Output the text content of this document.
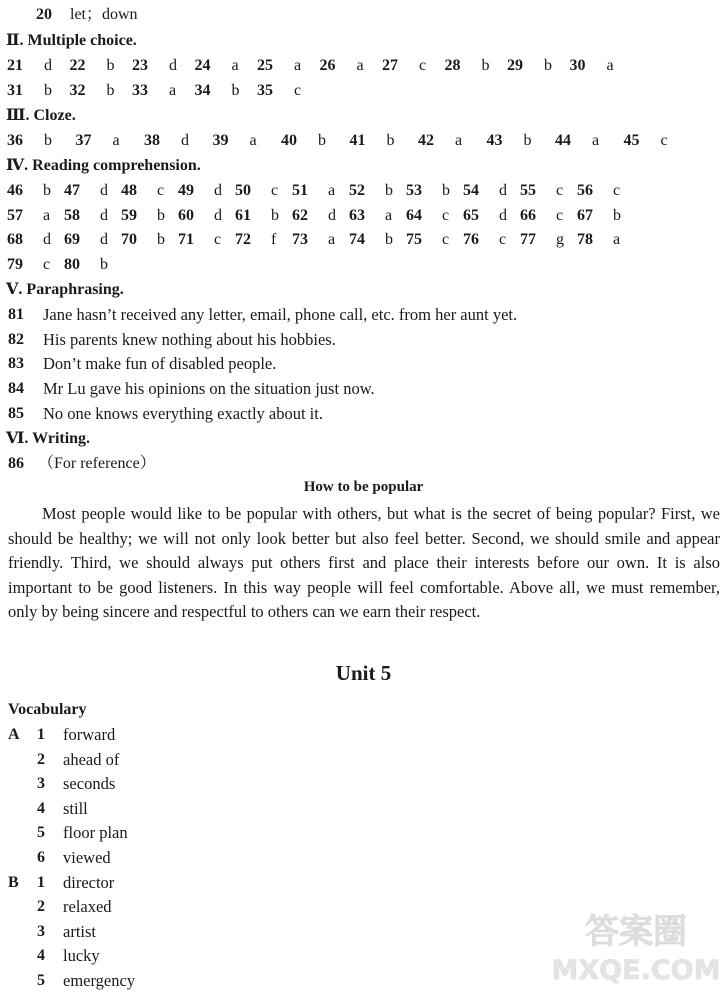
20 let；down
Ⅱ. Multiple choice.
21 d 22 b 23 d 24 a 25 a 26 a 27 c 28 b 29 b 30 a
31 b 32 b 33 a 34 b 35 c
Ⅲ. Cloze.
36 b 37 a 38 d 39 a 40 b 41 b 42 a 43 b 44 a 45 c
Ⅳ. Reading comprehension.
46 b 47 d 48 c 49 d 50 c 51 a 52 b 53 b 54 d 55 c 56 c
57 a 58 d 59 b 60 d 61 b 62 d 63 a 64 c 65 d 66 c 67 b
68 d 69 d 70 b 71 c 72 f 73 a 74 b 75 c 76 c 77 g 78 a
79 c 80 b
Ⅴ. Paraphrasing.
81 Jane hasn’t received any letter, email, phone call, etc. from her aunt yet.
82 His parents knew nothing about his hobbies.
83 Don’t make fun of disabled people.
84 Mr Lu gave his opinions on the situation just now.
85 No one knows everything exactly about it.
Ⅵ. Writing.
86 （For reference）
How to be popular
Most people would like to be popular with others, but what is the secret of being popular? First, we should be healthy; we will not only look better but also feel better. Second, we should smile and appear friendly. Third, we should always put others first and place their interests before our own. It is also important to be good listeners. In this way people will feel comfortable. Above all, we must remember, only by being sincere and respectful to others can we earn their respect.
Unit 5
Vocabulary
A 1 forward
2 ahead of
3 seconds
4 still
5 floor plan
6 viewed
B 1 director
2 relaxed
3 artist
4 lucky
5 emergency
答案圈
MXQE.COM
